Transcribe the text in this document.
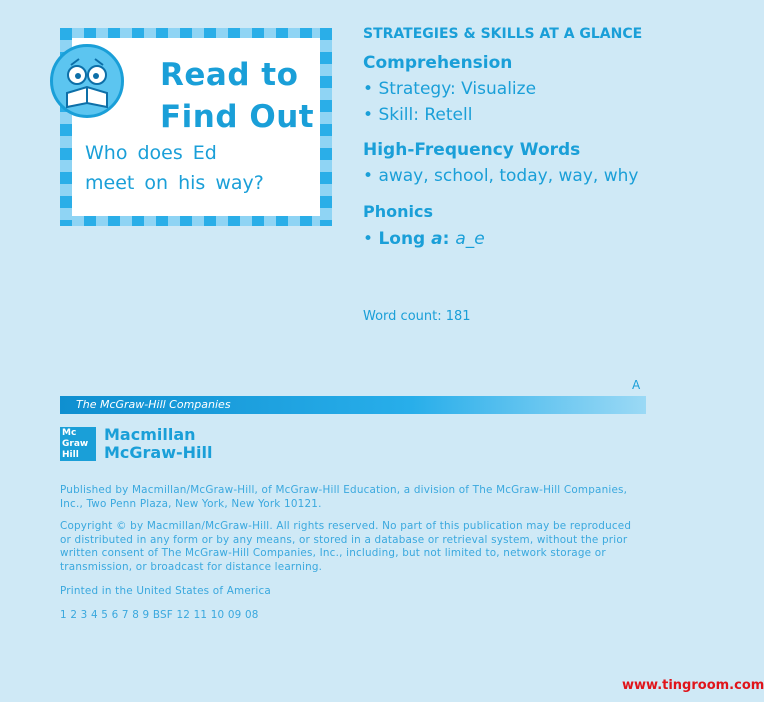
Read to
Find Out
Who does Ed
meet on his way?
STRATEGIES & SKILLS AT A GLANCE
Comprehension
• Strategy: Visualize
• Skill: Retell
High-Frequency Words
• away, school, today, way, why
Phonics
• Long a: a_e
Word count: 181
A
The McGraw-Hill Companies
Mc
Graw
Hill
Macmillan
McGraw-Hill
Published by Macmillan/McGraw-Hill, of McGraw-Hill Education, a division of The McGraw-Hill Companies,
Inc., Two Penn Plaza, New York, New York 10121.
Copyright © by Macmillan/McGraw-Hill. All rights reserved. No part of this publication may be reproduced
or distributed in any form or by any means, or stored in a database or retrieval system, without the prior
written consent of The McGraw-Hill Companies, Inc., including, but not limited to, network storage or
transmission, or broadcast for distance learning.
Printed in the United States of America
1 2 3 4 5 6 7 8 9 BSF 12 11 10 09 08
www.tingroom.com
